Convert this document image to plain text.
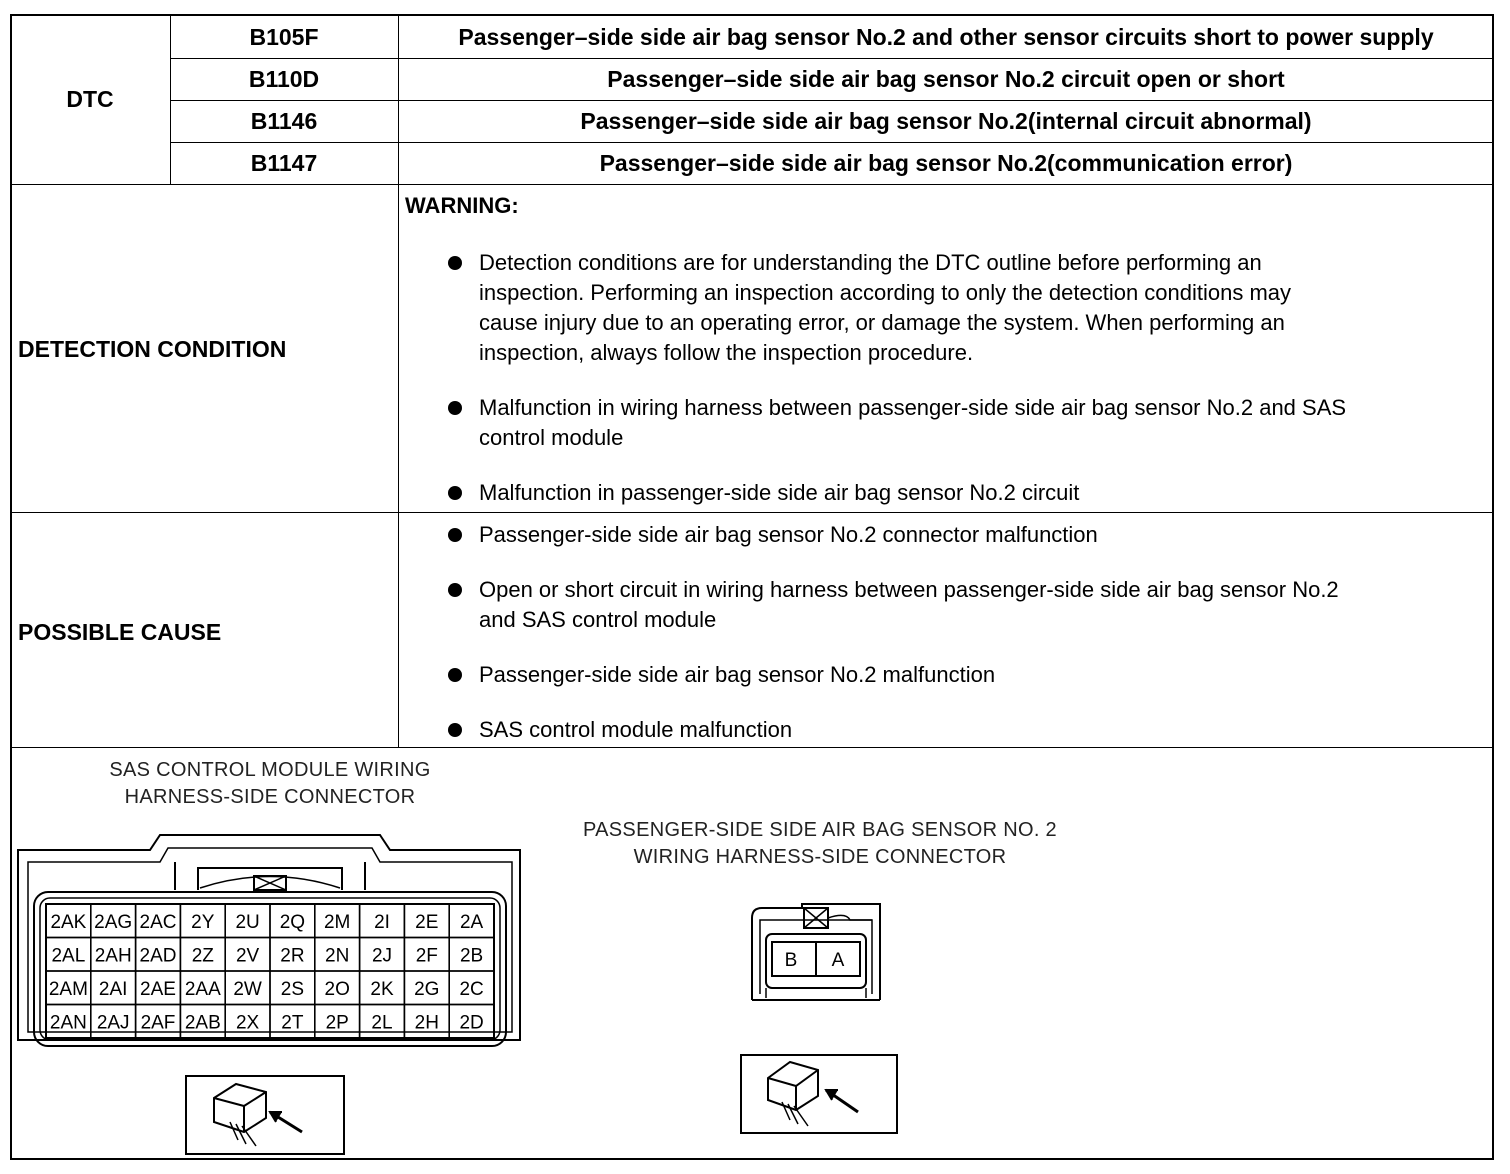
DTC
B105F	Passenger–side side air bag sensor No.2 and other sensor circuits short to power supply
B110D	Passenger–side side air bag sensor No.2 circuit open or short
B1146	Passenger–side side air bag sensor No.2(internal circuit abnormal)
B1147	Passenger–side side air bag sensor No.2(communication error)
DETECTION CONDITION
WARNING:
Detection conditions are for understanding the DTC outline before performing an
inspection. Performing an inspection according to only the detection conditions may
cause injury due to an operating error, or damage the system. When performing an
inspection, always follow the inspection procedure.
Malfunction in wiring harness between passenger-side side air bag sensor No.2 and SAS
control module
Malfunction in passenger-side side air bag sensor No.2 circuit
POSSIBLE CAUSE
Passenger-side side air bag sensor No.2 connector malfunction
Open or short circuit in wiring harness between passenger-side side air bag sensor No.2
and SAS control module
Passenger-side side air bag sensor No.2 malfunction
SAS control module malfunction
SAS CONTROL MODULE WIRING
HARNESS-SIDE CONNECTOR
PASSENGER-SIDE SIDE AIR BAG SENSOR NO. 2
WIRING HARNESS-SIDE CONNECTOR
2AK 2AG 2AC 2Y 2U 2Q 2M 2I 2E 2A
2AL 2AH 2AD 2Z 2V 2R 2N 2J 2F 2B
2AM 2AI 2AE 2AA 2W 2S 2O 2K 2G 2C
2AN 2AJ 2AF 2AB 2X 2T 2P 2L 2H 2D
B A
